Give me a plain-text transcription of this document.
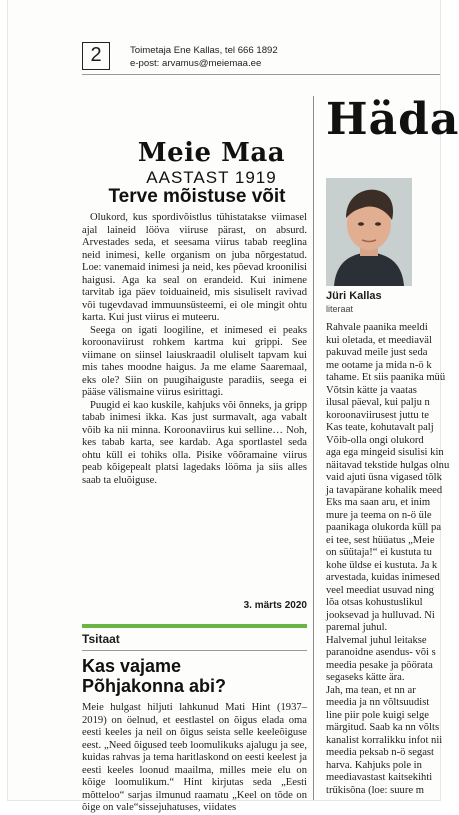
2	Toimetaja Ene Kallas, tel 666 1892
e-post: arvamus@meiemaa.ee
Meie Maa
AASTAST 1919
Terve mõistuse võit

Olukord, kus spordivõistlus tühistatakse viimasel ajal laineid lööva viiruse pärast, on absurd. Arvestades seda, et seesama viirus tabab reeglina neid inimesi, kelle organism on juba nõrgestatud. Loe: vanemaid inimesi ja neid, kes põevad kroonilisi haigusi. Aga ka seal on erandeid. Kui inimene tarvitab iga päev toiduaineid, mis sisuliselt ravivad või tugevdavad immuunsüsteemi, ei ole mingit ohtu karta. Kui just viirus ei muteeru.

Seega on igati loogiline, et inimesed ei peaks koroonaviirust rohkem kartma kui grippi. See viimane on siinsel laiuskraadil oluliselt tapvam kui mis tahes moodne haigus. Ja me elame Saaremaal, eks ole? Siin on puugihaiguste paradiis, seega ei pääse välismaine viirus esirittagi.

Puugid ei kao kuskile, kahjuks või õnneks, ja gripp tabab inimesi ikka. Kas just surmavalt, aga vabalt võib ka nii minna. Koroonaviirus kui selline… Noh, kes tabab karta, see kardab. Aga sportlastel seda ohtu küll ei tohiks olla. Pisike võõramaine viirus peab kõigepealt platsi lagedaks lööma ja siis alles saab ta eluõiguse.

3. märts 2020
Tsitaat
Kas vajame
Põhjakonna abi?

Meie hulgast hiljuti lahkunud Mati Hint (1937–2019) on öelnud, et eestlastel on õigus elada oma eesti keeles ja neil on õigus seista selle keeleõiguse eest. „Need õigused teeb loomulikuks ajalugu ja see, kuidas rahvas ja tema haritlaskond on eesti keelest ja eesti keeles loonud maailma, milles meie elu on kõige loomulikum.“ Hint kirjutas seda „Eesti mõtteloo“ sarjas ilmunud raamatu „Keel on tõde on õige on vale“sissejuhatuses, viidates

Häda
Jüri Kallas
literaat
Rahvale paanika meeldi
kui oletada, et meediaväl
pakuvad meile just seda
me ootame ja mida n-ö k
tahame. Et siis paanika müü
Võtsin kätte ja vaatas
ilusal päeval, kui palju n
koroonaviirusest juttu te
Kas teate, kohutavalt palj
Võib-olla ongi olukord
aga ega mingeid sisulisi kin
näitavad tekstide hulgas olnu
vaid ajuti üsna vigased tõlk
ja tavapärane kohalik meed
Eks ma saan aru, et inim
mure ja teema on n-ö üle
paanikaga olukorda küll pa
ei tee, sest hüüatus „Meie
on süütaja!“ ei kustuta tu
kohe üldse ei kustuta. Ja k
arvestada, kuidas inimesed
veel meediat usuvad ning
lõa otsas kohustuslikul
jooksevad ja hulluvad. Ni
paremal juhul.
Halvemal juhul leitakse
paranoidne asendus- või s
meedia pesake ja pöörata
segaseks kätte ära.
Jah, ma tean, et nn ar
meedia ja nn võltsuudist
line piir pole kuigi selge
märgitud. Saab ka nn võlts
kanalist korralikku infot nii
meedia peksab n-ö segast
harva. Kahjuks pole in
meediavastast kaitsekihti
trükisõna (loe: suure m
